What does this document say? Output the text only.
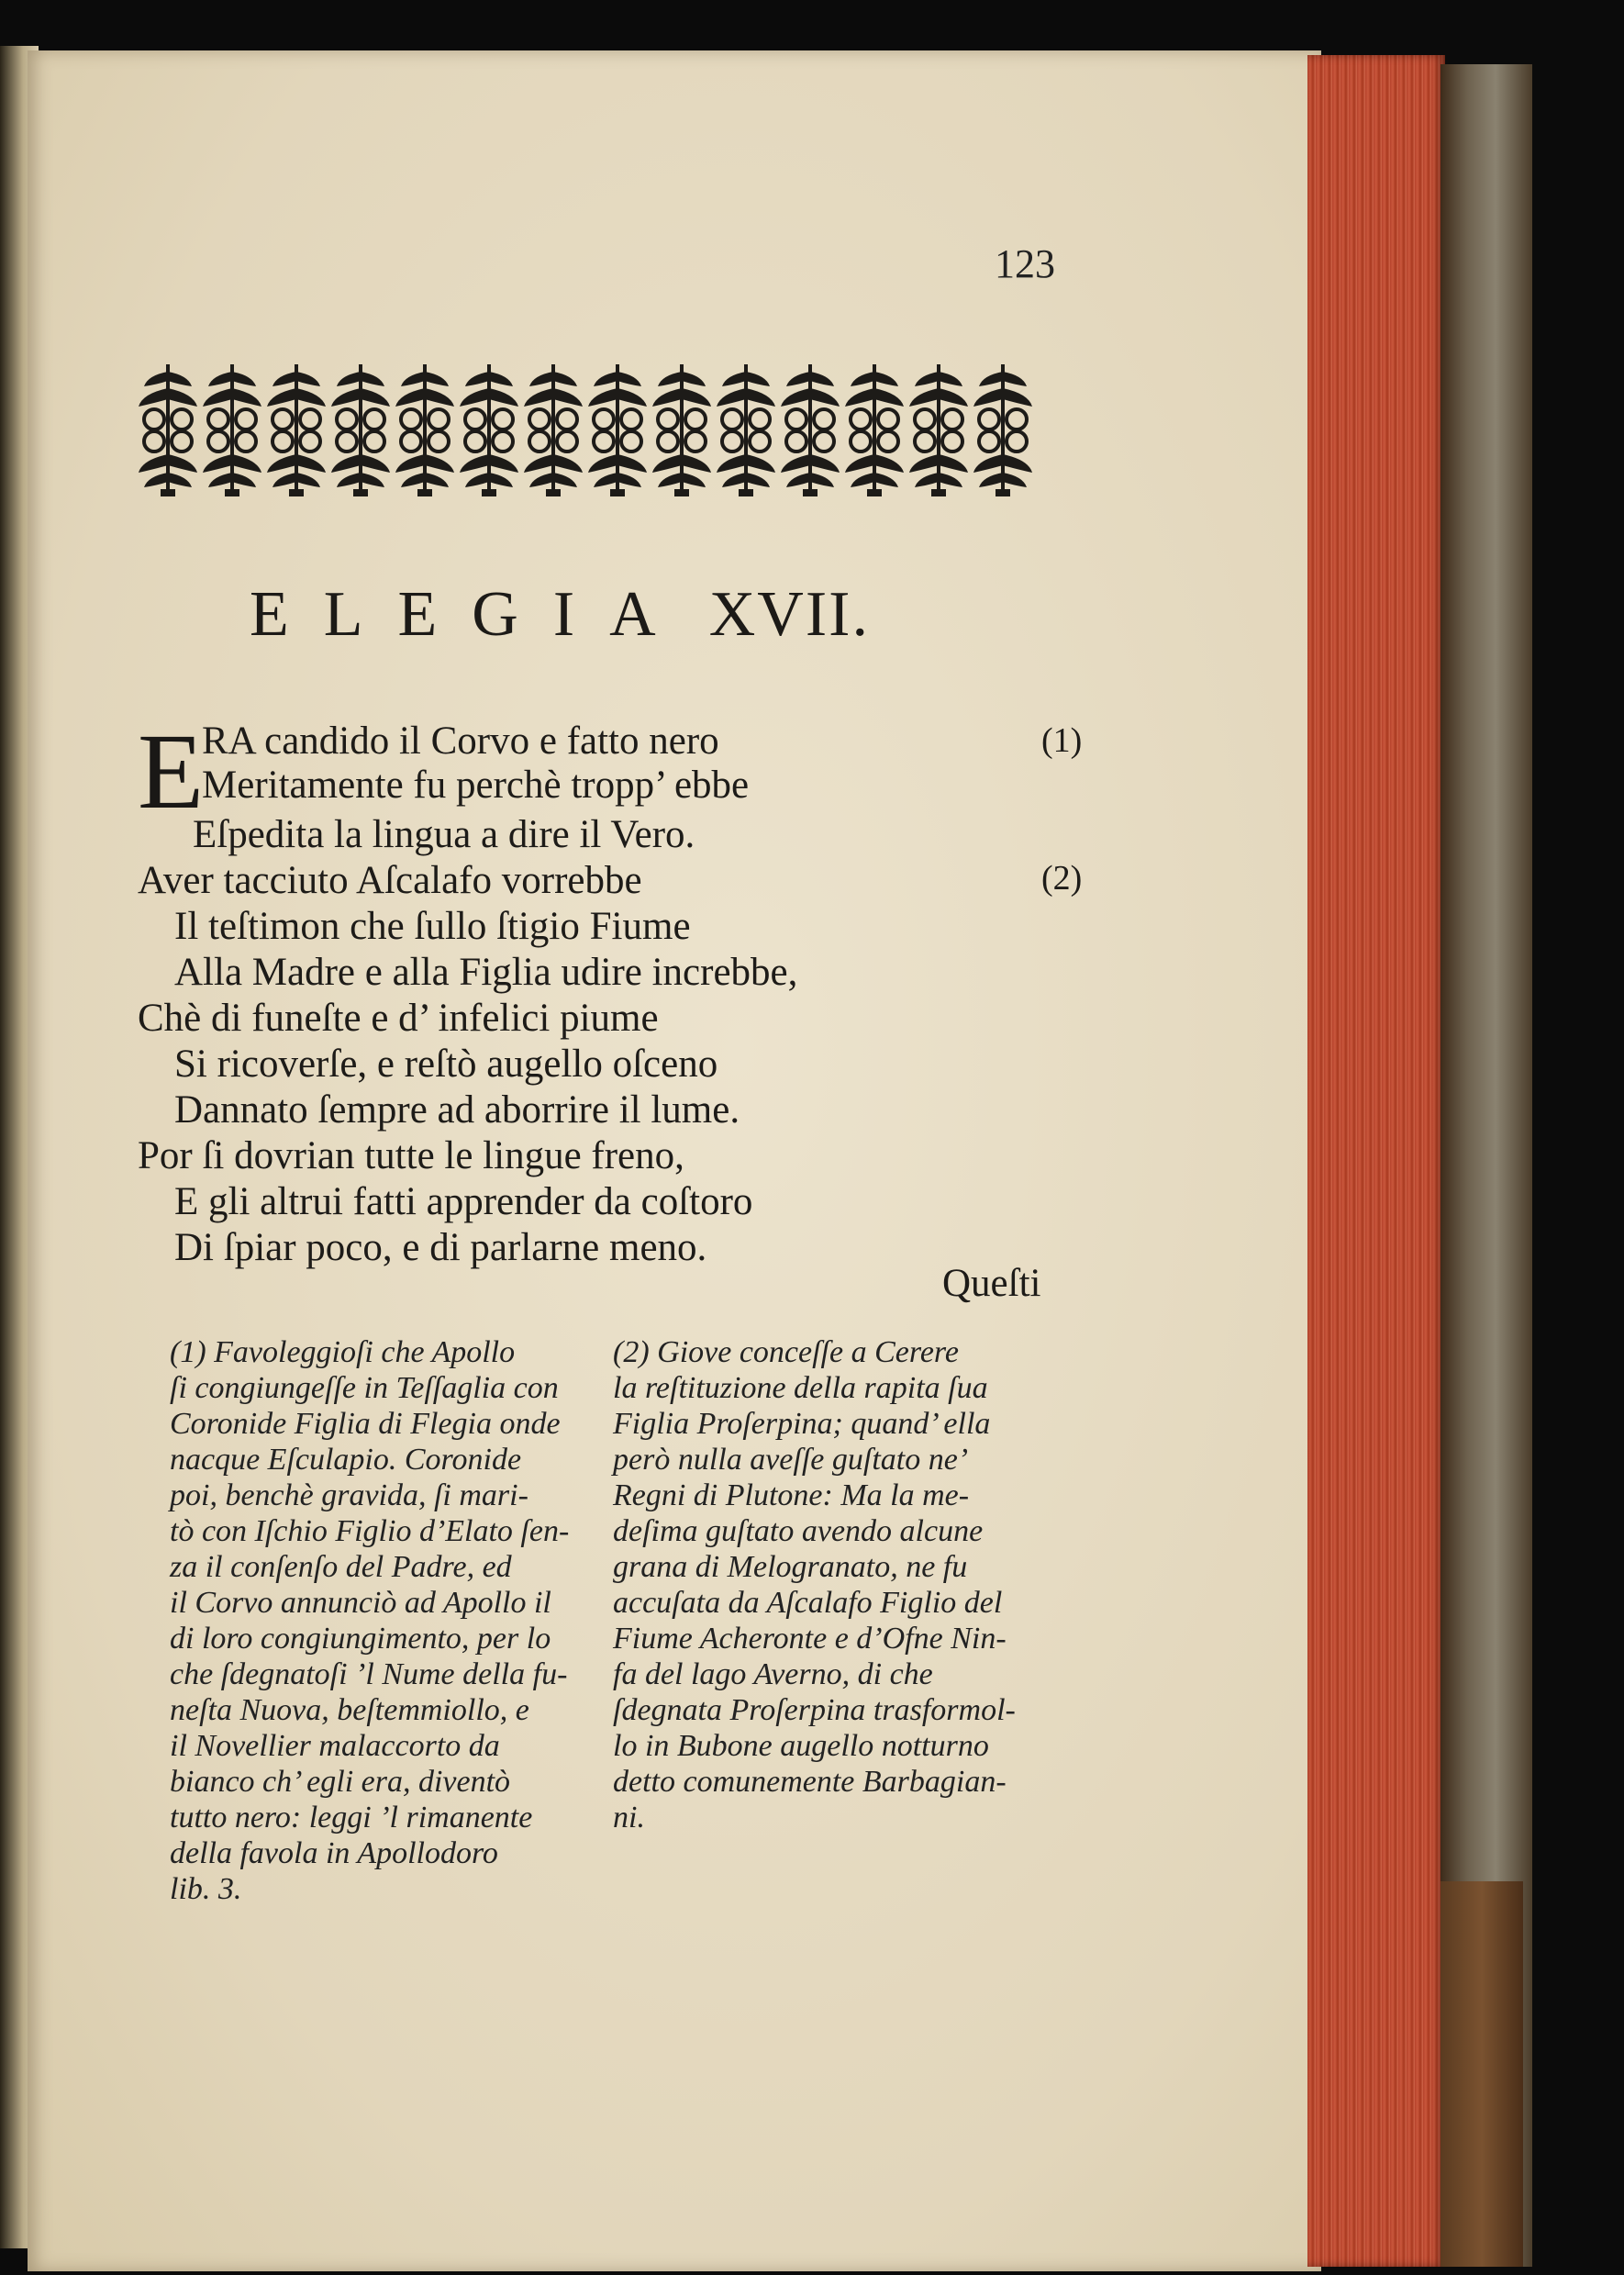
123
ELEGIA XVII.
E
RA candido il Corvo e fatto nero	(1)
Meritamente fu perchè tropp’ ebbe
Eſpedita la lingua a dire il Vero.
Aver tacciuto Aſcalafo vorrebbe	(2)
Il teſtimon che ſullo ſtigio Fiume
Alla Madre e alla Figlia udire increbbe,
Chè di funeſte e d’ infelici piume
Si ricoverſe, e reſtò augello oſceno
Dannato ſempre ad aborrire il lume.
Por ſi dovrian tutte le lingue freno,
E gli altrui fatti apprender da coſtoro
Di ſpiar poco, e di parlarne meno.
Queſti
(1) Favoleggioſi che Apollo
ſi congiungeſſe in Teſſaglia con
Coronide Figlia di Flegia onde
nacque Eſculapio. Coronide
poi, benchè gravida, ſi mari-
tò con Iſchio Figlio d’Elato ſen-
za il conſenſo del Padre, ed
il Corvo annunciò ad Apollo il
di loro congiungimento, per lo
che ſdegnatoſi ’l Nume della fu-
neſta Nuova, beſtemmiollo, e
il Novellier malaccorto da
bianco ch’ egli era, diventò
tutto nero: leggi ’l rimanente
della favola in Apollodoro
lib. 3.
(2) Giove conceſſe a Cerere
la reſtituzione della rapita ſua
Figlia Proſerpina; quand’ ella
però nulla aveſſe guſtato ne’
Regni di Plutone: Ma la me-
deſima guſtato avendo alcune
grana di Melogranato, ne fu
accuſata da Aſcalafo Figlio del
Fiume Acheronte e d’Ofne Nin-
fa del lago Averno, di che
ſdegnata Proſerpina trasformol-
lo in Bubone augello notturno
detto comunemente Barbagian-
ni.
